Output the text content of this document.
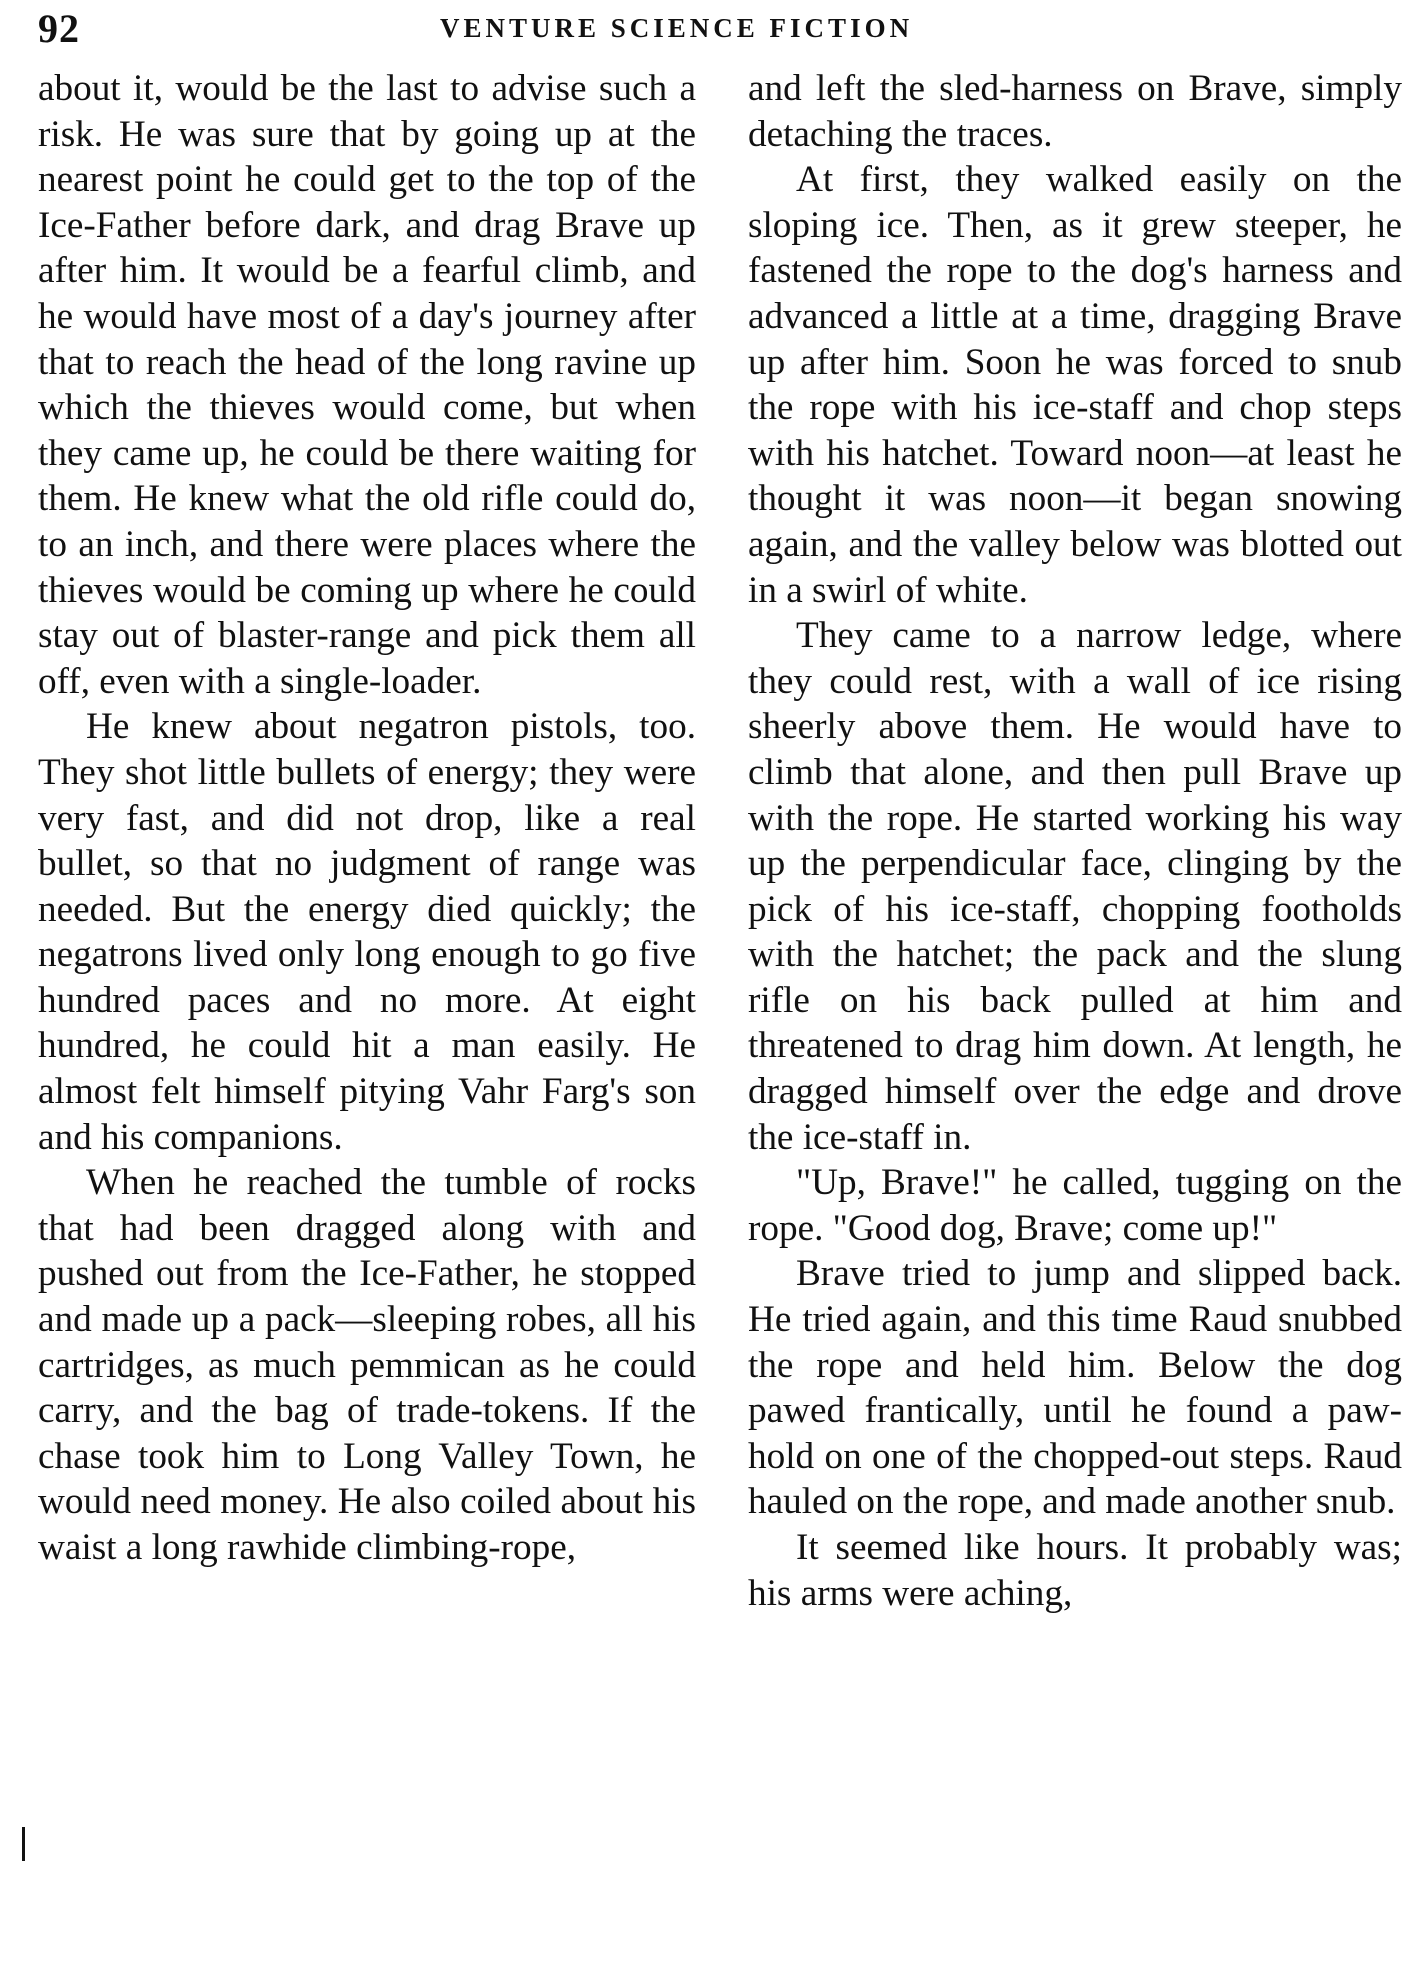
92	VENTURE SCIENCE FICTION

about it, would be the last to advise such a risk. He was sure that by going up at the nearest point he could get to the top of the Ice-Father before dark, and drag Brave up after him. It would be a fearful climb, and he would have most of a day's journey after that to reach the head of the long ravine up which the thieves would come, but when they came up, he could be there waiting for them. He knew what the old rifle could do, to an inch, and there were places where the thieves would be coming up where he could stay out of blaster-range and pick them all off, even with a single-loader.

He knew about negatron pistols, too. They shot little bullets of energy; they were very fast, and did not drop, like a real bullet, so that no judgment of range was needed. But the energy died quickly; the negatrons lived only long enough to go five hundred paces and no more. At eight hundred, he could hit a man easily. He almost felt himself pitying Vahr Farg's son and his companions.

When he reached the tumble of rocks that had been dragged along with and pushed out from the Ice-Father, he stopped and made up a pack—sleeping robes, all his cartridges, as much pemmican as he could carry, and the bag of trade-tokens. If the chase took him to Long Valley Town, he would need money. He also coiled about his waist a long rawhide climbing-rope,

and left the sled-harness on Brave, simply detaching the traces.

At first, they walked easily on the sloping ice. Then, as it grew steeper, he fastened the rope to the dog's harness and advanced a little at a time, dragging Brave up after him. Soon he was forced to snub the rope with his ice-staff and chop steps with his hatchet. Toward noon—at least he thought it was noon—it began snowing again, and the valley below was blotted out in a swirl of white.

They came to a narrow ledge, where they could rest, with a wall of ice rising sheerly above them. He would have to climb that alone, and then pull Brave up with the rope. He started working his way up the perpendicular face, clinging by the pick of his ice-staff, chopping footholds with the hatchet; the pack and the slung rifle on his back pulled at him and threatened to drag him down. At length, he dragged himself over the edge and drove the ice-staff in.

"Up, Brave!" he called, tugging on the rope. "Good dog, Brave; come up!"

Brave tried to jump and slipped back. He tried again, and this time Raud snubbed the rope and held him. Below the dog pawed frantically, until he found a paw-hold on one of the chopped-out steps. Raud hauled on the rope, and made another snub.

It seemed like hours. It probably was; his arms were aching,
